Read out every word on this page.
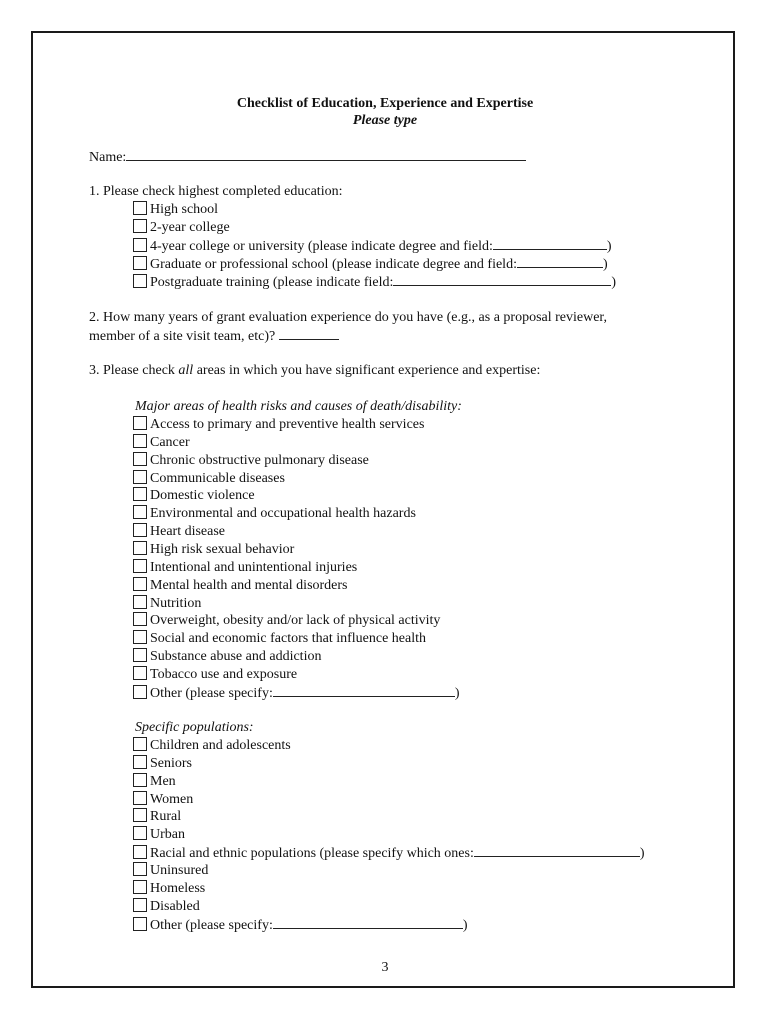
Checklist of Education, Experience and Expertise
Please type
Name:
1. Please check highest completed education:
High school
2-year college
4-year college or university (please indicate degree and field:	)
Graduate or professional school (please indicate degree and field:	)
Postgraduate training (please indicate field:	)
2. How many years of grant evaluation experience do you have (e.g., as a proposal reviewer,
member of a site visit team, etc)?
3. Please check all areas in which you have significant experience and expertise:
Major areas of health risks and causes of death/disability:
Access to primary and preventive health services
Cancer
Chronic obstructive pulmonary disease
Communicable diseases
Domestic violence
Environmental and occupational health hazards
Heart disease
High risk sexual behavior
Intentional and unintentional injuries
Mental health and mental disorders
Nutrition
Overweight, obesity and/or lack of physical activity
Social and economic factors that influence health
Substance abuse and addiction
Tobacco use and exposure
Other (please specify:	)
Specific populations:
Children and adolescents
Seniors
Men
Women
Rural
Urban
Racial and ethnic populations (please specify which ones:	)
Uninsured
Homeless
Disabled
Other (please specify:	)
3
